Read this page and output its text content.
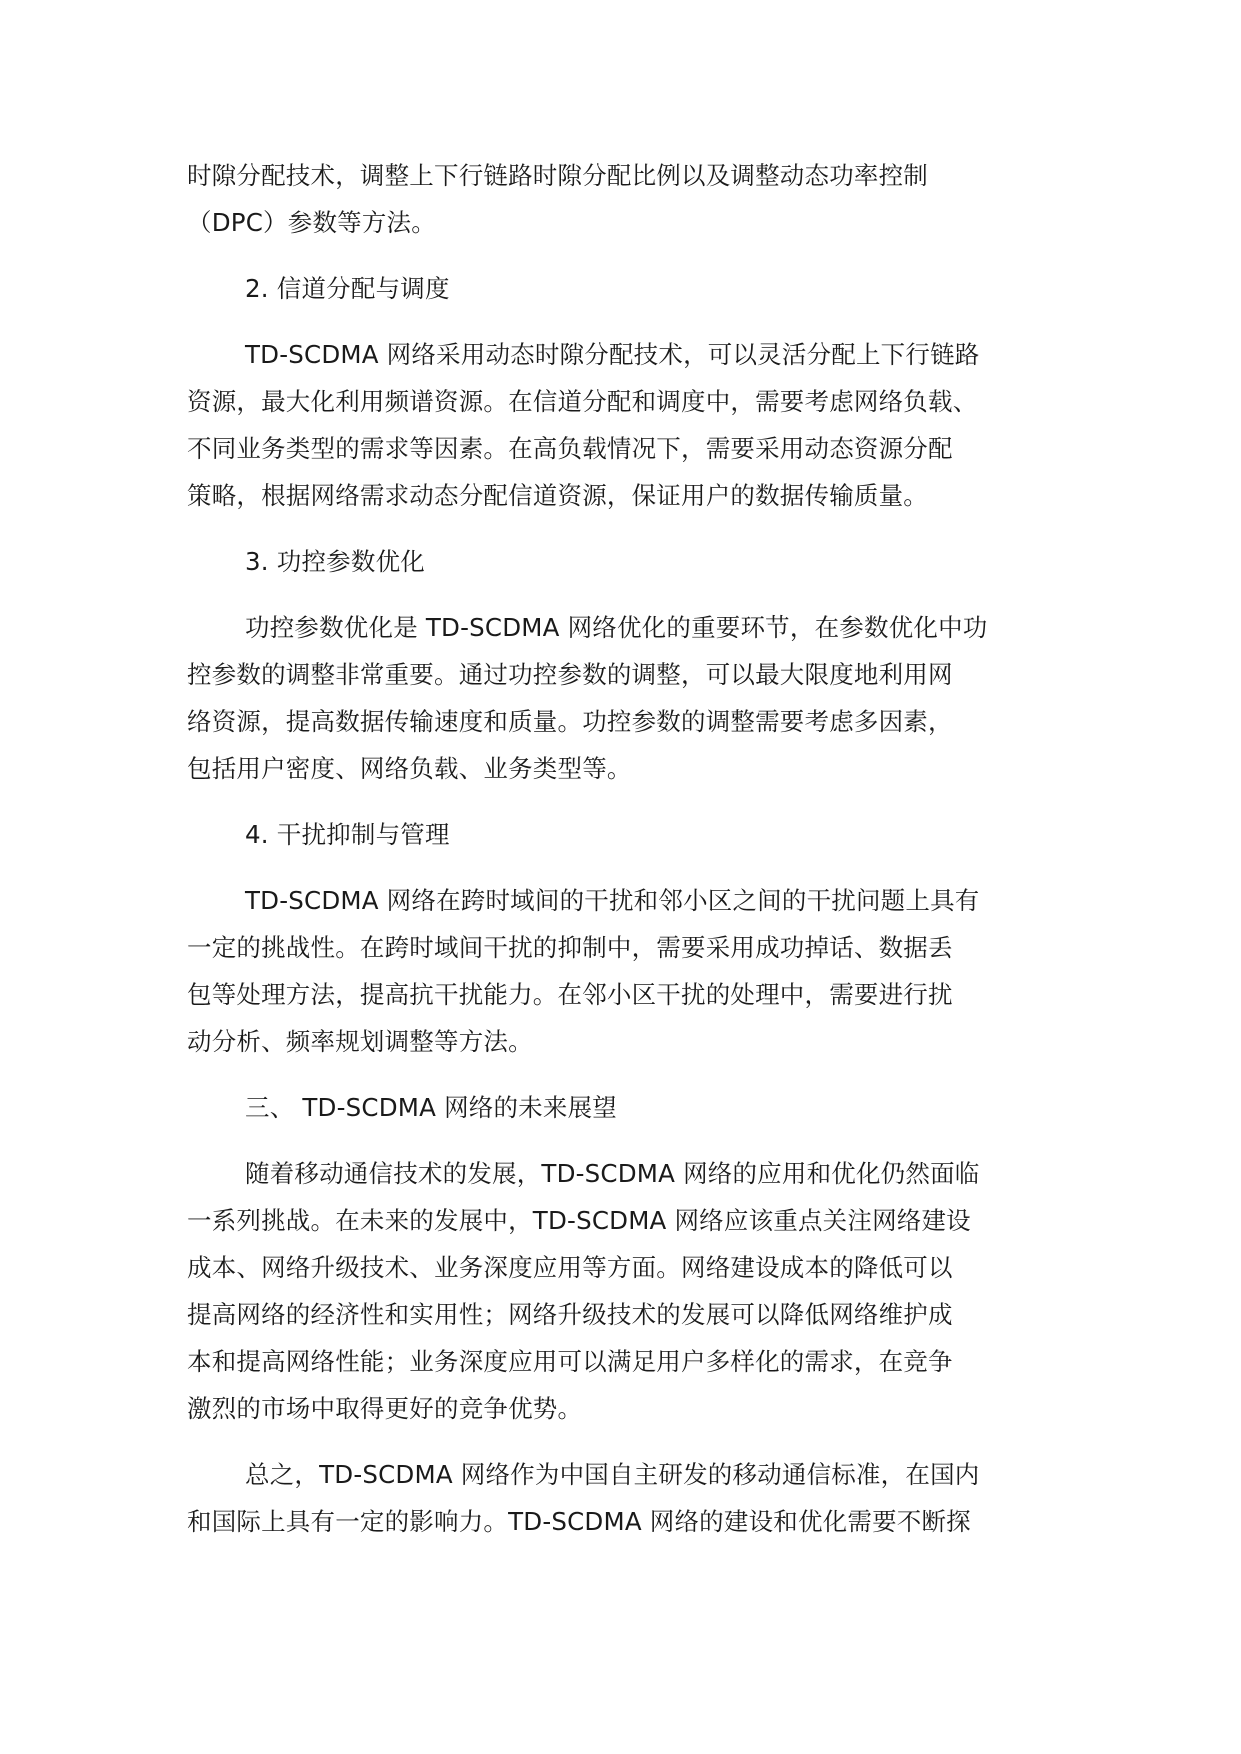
时隙分配技术，调整上下行链路时隙分配比例以及调整动态功率控制
（DPC）参数等方法。
2. 信道分配与调度
TD-SCDMA 网络采用动态时隙分配技术，可以灵活分配上下行链路
资源，最大化利用频谱资源。在信道分配和调度中，需要考虑网络负载、
不同业务类型的需求等因素。在高负载情况下，需要采用动态资源分配
策略，根据网络需求动态分配信道资源，保证用户的数据传输质量。
3. 功控参数优化
功控参数优化是 TD-SCDMA 网络优化的重要环节，在参数优化中功
控参数的调整非常重要。通过功控参数的调整，可以最大限度地利用网
络资源，提高数据传输速度和质量。功控参数的调整需要考虑多因素，
包括用户密度、网络负载、业务类型等。
4. 干扰抑制与管理
TD-SCDMA 网络在跨时域间的干扰和邻小区之间的干扰问题上具有
一定的挑战性。在跨时域间干扰的抑制中，需要采用成功掉话、数据丢
包等处理方法，提高抗干扰能力。在邻小区干扰的处理中，需要进行扰
动分析、频率规划调整等方法。
三、 TD-SCDMA 网络的未来展望
随着移动通信技术的发展，TD-SCDMA 网络的应用和优化仍然面临
一系列挑战。在未来的发展中，TD-SCDMA 网络应该重点关注网络建设
成本、网络升级技术、业务深度应用等方面。网络建设成本的降低可以
提高网络的经济性和实用性；网络升级技术的发展可以降低网络维护成
本和提高网络性能；业务深度应用可以满足用户多样化的需求，在竞争
激烈的市场中取得更好的竞争优势。
总之，TD-SCDMA 网络作为中国自主研发的移动通信标准，在国内
和国际上具有一定的影响力。TD-SCDMA 网络的建设和优化需要不断探
